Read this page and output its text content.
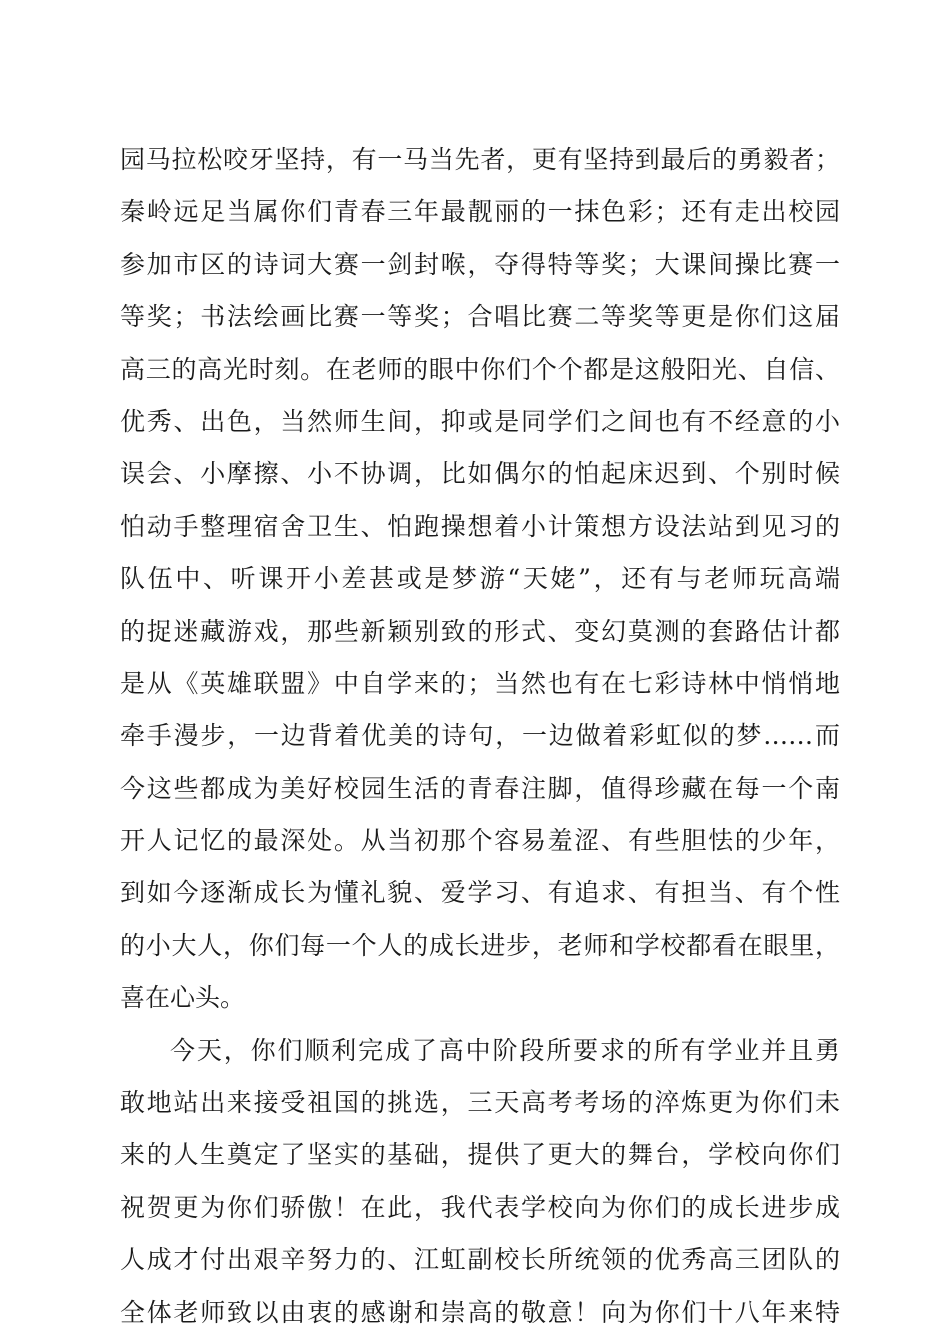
园马拉松咬牙坚持，有一马当先者，更有坚持到最后的勇毅者；
秦岭远足当属你们青春三年最靓丽的一抹色彩；还有走出校园
参加市区的诗词大赛一剑封喉，夺得特等奖；大课间操比赛一
等奖；书法绘画比赛一等奖；合唱比赛二等奖等更是你们这届
高三的高光时刻。在老师的眼中你们个个都是这般阳光、自信、
优秀、出色，当然师生间，抑或是同学们之间也有不经意的小
误会、小摩擦、小不协调，比如偶尔的怕起床迟到、个别时候
怕动手整理宿舍卫生、怕跑操想着小计策想方设法站到见习的
队伍中、听课开小差甚或是梦游“天姥”，还有与老师玩高端
的捉迷藏游戏，那些新颖别致的形式、变幻莫测的套路估计都
是从《英雄联盟》中自学来的；当然也有在七彩诗林中悄悄地
牵手漫步，一边背着优美的诗句，一边做着彩虹似的梦……而
今这些都成为美好校园生活的青春注脚，值得珍藏在每一个南
开人记忆的最深处。从当初那个容易羞涩、有些胆怯的少年，
到如今逐渐成长为懂礼貌、爱学习、有追求、有担当、有个性
的小大人，你们每一个人的成长进步，老师和学校都看在眼里，
喜在心头。
今天，你们顺利完成了高中阶段所要求的所有学业并且勇
敢地站出来接受祖国的挑选，三天高考考场的淬炼更为你们未
来的人生奠定了坚实的基础，提供了更大的舞台，学校向你们
祝贺更为你们骄傲！在此，我代表学校向为你们的成长进步成
人成才付出艰辛努力的、江虹副校长所统领的优秀高三团队的
全体老师致以由衷的感谢和崇高的敬意！向为你们十八年来特
